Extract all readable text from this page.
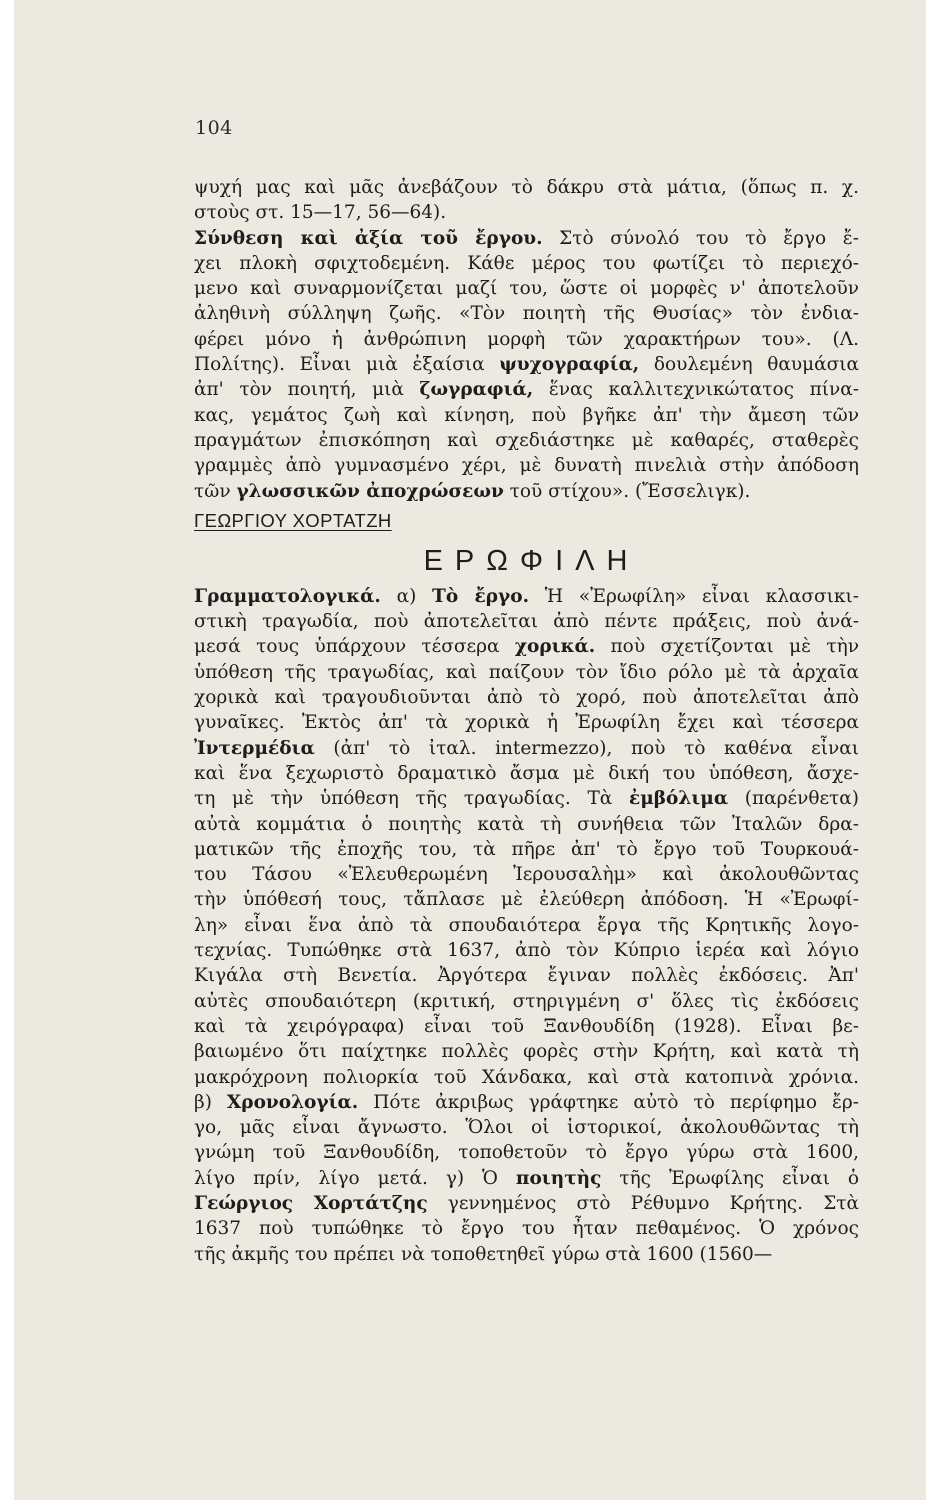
104
ψυχή μας καὶ μᾶς ἀνεβάζουν τὸ δάκρυ στὰ μάτια, (ὅπως π. χ.
στοὺς στ. 15—17, 56—64).
Σύνθεση καὶ ἀξία τοῦ ἔργου. Στὸ σύνολό του τὸ ἔργο ἔ-
χει πλοκὴ σφιχτοδεμένη. Κάθε μέρος του φωτίζει τὸ περιεχό-
μενο καὶ συναρμονίζεται μαζί του, ὥστε οἱ μορφὲς ν' ἀποτελοῦν
ἀληθινὴ σύλληψη ζωῆς. «Τὸν ποιητὴ τῆς Θυσίας» τὸν ἐνδια-
φέρει μόνο ἡ ἀνθρώπινη μορφὴ τῶν χαρακτήρων του». (Λ.
Πολίτης). Εἶναι μιὰ ἐξαίσια ψυχογραφία, δουλεμένη θαυμάσια
ἀπ' τὸν ποιητή, μιὰ ζωγραφιά, ἕνας καλλιτεχνικώτατος πίνα-
κας, γεμάτος ζωὴ καὶ κίνηση, ποὺ βγῆκε ἀπ' τὴν ἄμεση τῶν
πραγμάτων ἐπισκόπηση καὶ σχεδιάστηκε μὲ καθαρές, σταθερὲς
γραμμὲς ἀπὸ γυμνασμένο χέρι, μὲ δυνατὴ πινελιὰ στὴν ἀπόδοση
τῶν γλωσσικῶν ἀποχρώσεων τοῦ στίχου». (Ἔσσελιγκ).
ΓΕΩΡΓΙΟΥ ΧΟΡΤΑΤΖΗ
ΕΡΩΦΙΛΗ
Γραμματολογικά. α) Τὸ ἔργο. Ἡ «Ἐρωφίλη» εἶναι κλασσικι-
στικὴ τραγωδία, ποὺ ἀποτελεῖται ἀπὸ πέντε πράξεις, ποὺ ἀνά-
μεσά τους ὑπάρχουν τέσσερα χορικά. ποὺ σχετίζονται μὲ τὴν
ὑπόθεση τῆς τραγωδίας, καὶ παίζουν τὸν ἴδιο ρόλο μὲ τὰ ἀρχαῖα
χορικὰ καὶ τραγουδιοῦνται ἀπὸ τὸ χορό, ποὺ ἀποτελεῖται ἀπὸ
γυναῖκες. Ἐκτὸς ἀπ' τὰ χορικὰ ἡ Ἐρωφίλη ἔχει καὶ τέσσερα
Ἰντερμέδια (ἀπ' τὸ ἰταλ. intermezzo), ποὺ τὸ καθένα εἶναι
καὶ ἕνα ξεχωριστὸ δραματικὸ ἄσμα μὲ δική του ὑπόθεση, ἄσχε-
τη μὲ τὴν ὑπόθεση τῆς τραγωδίας. Τὰ ἐμβόλιμα (παρένθετα)
αὐτὰ κομμάτια ὁ ποιητὴς κατὰ τὴ συνήθεια τῶν Ἰταλῶν δρα-
ματικῶν τῆς ἐποχῆς του, τὰ πῆρε ἀπ' τὸ ἔργο τοῦ Τουρκουά-
του Τάσου «Ἐλευθερωμένη Ἰερουσαλὴμ» καὶ ἀκολουθῶντας
τὴν ὑπόθεσή τους, τἄπλασε μὲ ἐλεύθερη ἀπόδοση. Ἡ «Ἐρωφί-
λη» εἶναι ἕνα ἀπὸ τὰ σπουδαιότερα ἔργα τῆς Κρητικῆς λογο-
τεχνίας. Τυπώθηκε στὰ 1637, ἀπὸ τὸν Κύπριο ἱερέα καὶ λόγιο
Κιγάλα στὴ Βενετία. Ἀργότερα ἔγιναν πολλὲς ἐκδόσεις. Ἀπ'
αὐτὲς σπουδαιότερη (κριτική, στηριγμένη σ' ὅλες τὶς ἐκδόσεις
καὶ τὰ χειρόγραφα) εἶναι τοῦ Ξανθουδίδη (1928). Εἶναι βε-
βαιωμένο ὅτι παίχτηκε πολλὲς φορὲς στὴν Κρήτη, καὶ κατὰ τὴ
μακρόχρονη πολιορκία τοῦ Χάνδακα, καὶ στὰ κατοπινὰ χρόνια.
β) Χρονολογία. Πότε ἀκριβως γράφτηκε αὐτὸ τὸ περίφημο ἔρ-
γο, μᾶς εἶναι ἄγνωστο. Ὅλοι οἱ ἱστορικοί, ἀκολουθῶντας τὴ
γνώμη τοῦ Ξανθουδίδη, τοποθετοῦν τὸ ἔργο γύρω στὰ 1600,
λίγο πρίν, λίγο μετά. γ) Ὁ ποιητὴς τῆς Ἐρωφίλης εἶναι ὁ
Γεώργιος Χορτάτζης γεννημένος στὸ Ρέθυμνο Κρήτης. Στὰ
1637 ποὺ τυπώθηκε τὸ ἔργο του ἦταν πεθαμένος. Ὁ χρόνος
τῆς ἀκμῆς του πρέπει νὰ τοποθετηθεῖ γύρω στὰ 1600 (1560—
